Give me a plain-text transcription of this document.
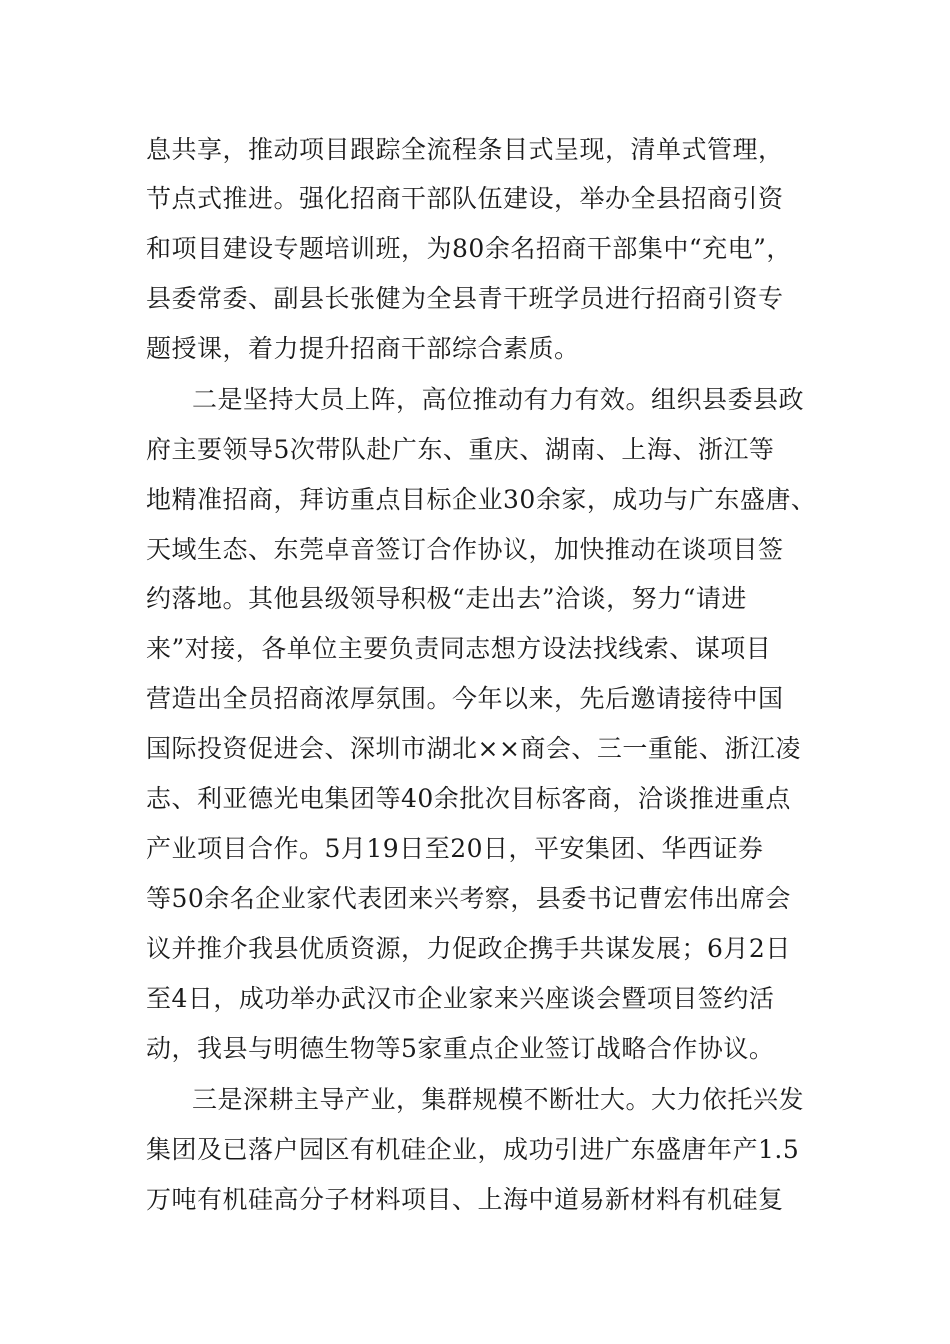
息共享，推动项目跟踪全流程条目式呈现，清单式管理，
节点式推进。强化招商干部队伍建设，举办全县招商引资
和项目建设专题培训班，为80余名招商干部集中“充电”，
县委常委、副县长张健为全县青干班学员进行招商引资专
题授课，着力提升招商干部综合素质。
二是坚持大员上阵，高位推动有力有效。组织县委县政
府主要领导5次带队赴广东、重庆、湖南、上海、浙江等
地精准招商，拜访重点目标企业30余家，成功与广东盛唐、
天域生态、东莞卓音签订合作协议，加快推动在谈项目签
约落地。其他县级领导积极“走出去”洽谈，努力“请进
来”对接，各单位主要负责同志想方设法找线索、谋项目
营造出全员招商浓厚氛围。今年以来，先后邀请接待中国
国际投资促进会、深圳市湖北××商会、三一重能、浙江凌
志、利亚德光电集团等40余批次目标客商，洽谈推进重点
产业项目合作。5月19日至20日，平安集团、华西证券
等50余名企业家代表团来兴考察，县委书记曹宏伟出席会
议并推介我县优质资源，力促政企携手共谋发展；6月2日
至4日，成功举办武汉市企业家来兴座谈会暨项目签约活
动，我县与明德生物等5家重点企业签订战略合作协议。
三是深耕主导产业，集群规模不断壮大。大力依托兴发
集团及已落户园区有机硅企业，成功引进广东盛唐年产1.5
万吨有机硅高分子材料项目、上海中道易新材料有机硅复
